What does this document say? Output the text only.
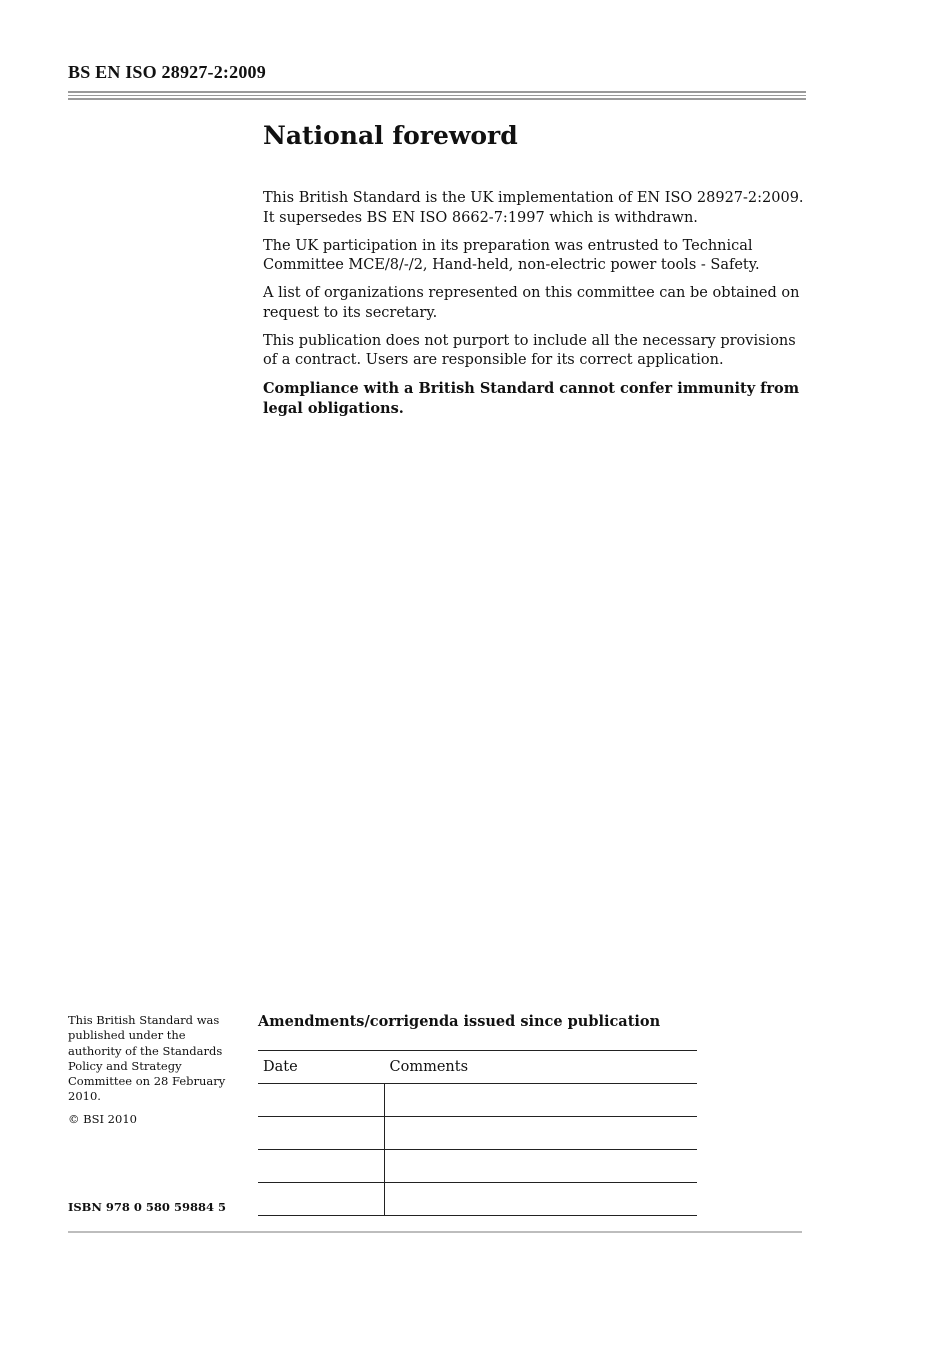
BS EN ISO 28927-2:2009
National foreword

This British Standard is the UK implementation of EN ISO 28927-2:2009. It supersedes BS EN ISO 8662-7:1997 which is withdrawn.

The UK participation in its preparation was entrusted to Technical Committee MCE/8/-/2, Hand-held, non-electric power tools - Safety.

A list of organizations represented on this committee can be obtained on request to its secretary.

This publication does not purport to include all the necessary provisions of a contract. Users are responsible for its correct application.

Compliance with a British Standard cannot confer immunity from legal obligations.

This British Standard was published under the authority of the Standards Policy and Strategy Committee on 28 February 2010.

© BSI 2010

ISBN 978 0 580 59884 5
Amendments/corrigenda issued since publication
Date	Comments
